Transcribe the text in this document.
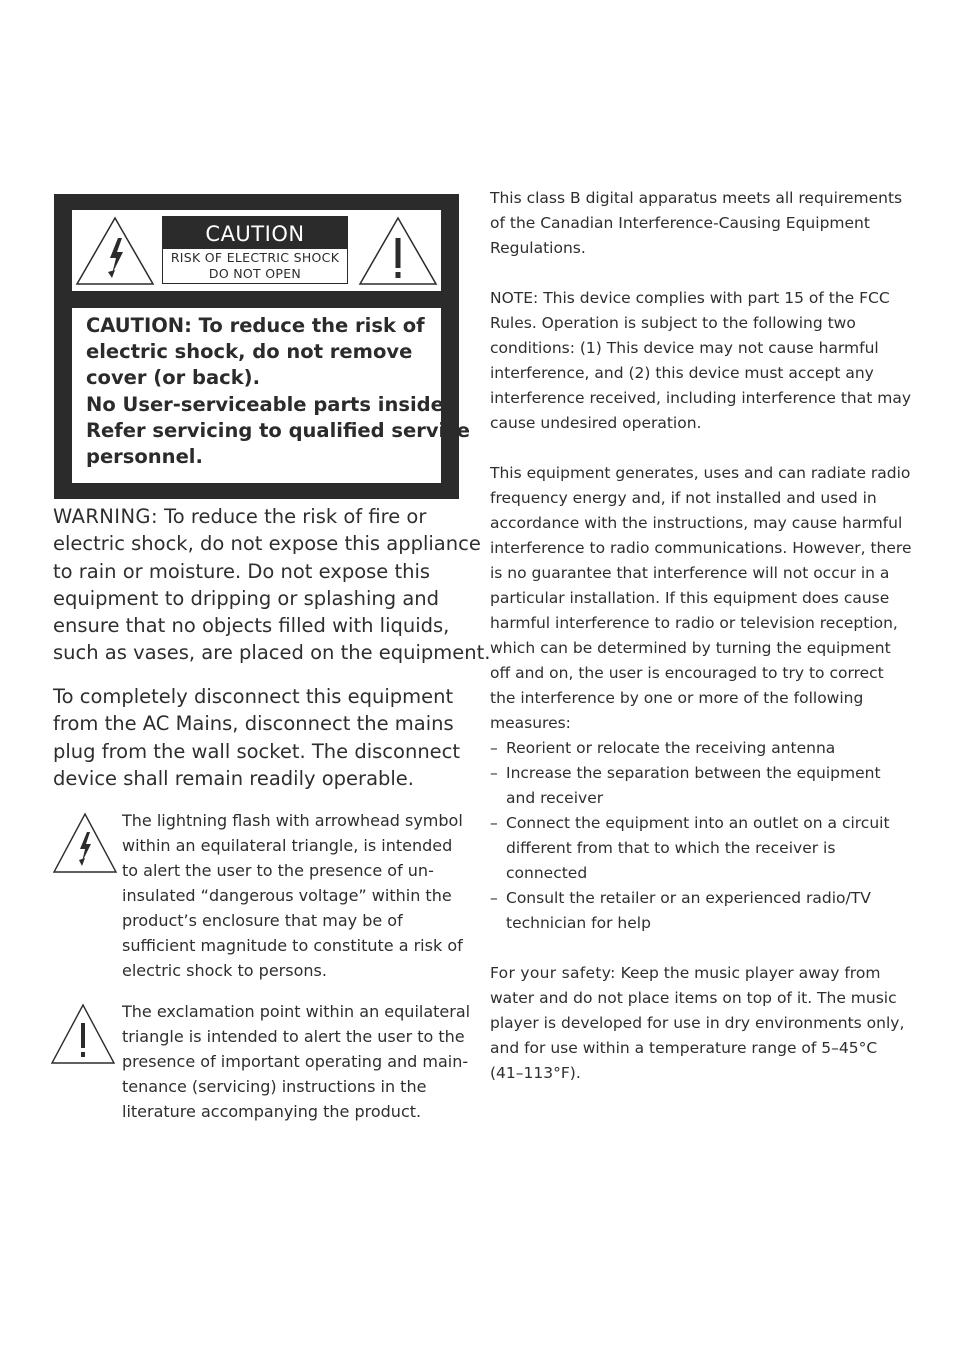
CAUTION
RISK OF ELECTRIC SHOCK
DO NOT OPEN

CAUTION: To reduce the risk of

electric shock, do not remove

cover (or back).

No User-serviceable parts inside.

Refer servicing to qualified service

personnel.

WARNING: To reduce the risk of fire or
electric shock, do not expose this appliance
to rain or moisture. Do not expose this
equipment to dripping or splashing and
ensure that no objects filled with liquids,
such as vases, are placed on the equipment.
To completely disconnect this equipment
from the AC Mains, disconnect the mains
plug from the wall socket. The disconnect
device shall remain readily operable.
The lightning flash with arrowhead symbol
within an equilateral triangle, is intended
to alert the user to the presence of un-
insulated “dangerous voltage” within the
product’s enclosure that may be of
sufficient magnitude to constitute a risk of
electric shock to persons.
The exclamation point within an equilateral
triangle is intended to alert the user to the
presence of important operating and main-
tenance (servicing) instructions in the
literature accompanying the product.

This class B digital apparatus meets all requirements
of the Canadian Interference-Causing Equipment
Regulations.

NOTE: This device complies with part 15 of the FCC
Rules. Operation is subject to the following two
conditions: (1) This device may not cause harmful
interference, and (2) this device must accept any
interference received, including interference that may
cause undesired operation.

This equipment generates, uses and can radiate radio
frequency energy and, if not installed and used in
accordance with the instructions, may cause harmful
interference to radio communications. However, there
is no guarantee that interference will not occur in a
particular installation. If this equipment does cause
harmful interference to radio or television reception,
which can be determined by turning the equipment
off and on, the user is encouraged to try to correct
the interference by one or more of the following
measures:

– Reorient or relocate the receiving antenna
– Increase the separation between the equipment
and receiver
– Connect the equipment into an outlet on a circuit
different from that to which the receiver is
connected
– Consult the retailer or an experienced radio/TV
technician for help

For your safety: Keep the music player away from
water and do not place items on top of it. The music
player is developed for use in dry environments only,
and for use within a temperature range of 5–45°C
(41–113°F).
